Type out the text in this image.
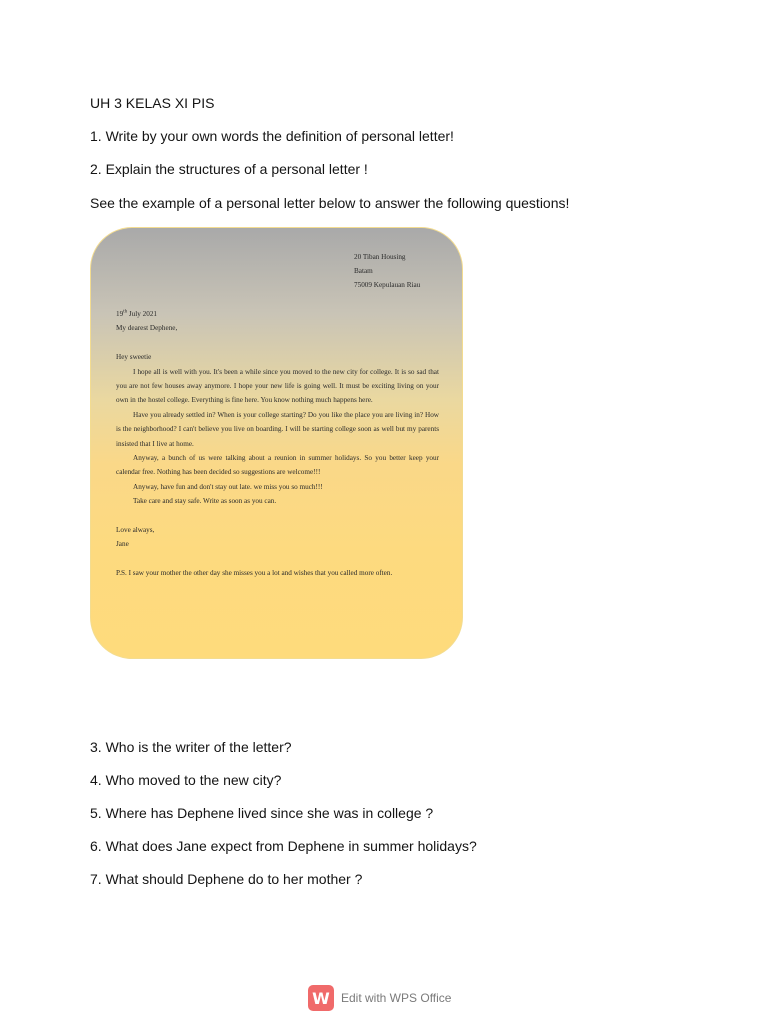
UH 3 KELAS XI PIS
1. Write by your own words the definition of personal letter!
2. Explain the structures of a personal letter !
See the example of a personal letter below to answer the following questions!
20 Tiban Housing
Batam
75009 Kepulauan Riau
19th July 2021
My dearest Dephene,
Hey sweetie
I hope all is well with you. It's been a while since you moved to the new city for college. It is so sad that you are not few houses away anymore. I hope your new life is going well. It must be exciting living on your own in the hostel college. Everything is fine here. You know nothing much happens here.
Have you already settled in? When is your college starting? Do you like the place you are living in? How is the neighborhood? I can't believe you live on boarding. I will be starting college soon as well but my parents insisted that I live at home.
Anyway, a bunch of us were talking about a reunion in summer holidays. So you better keep your calendar free. Nothing has been decided so suggestions are welcome!!!
Anyway, have fun and don't stay out late. we miss you so much!!!
Take care and stay safe. Write as soon as you can.
Love always,
Jane
P.S. I saw your mother the other day she misses you a lot and wishes that you called more often.
3. Who is the writer of the letter?
4. Who moved to the new city?
5. Where has Dephene lived since she was in college ?
6. What does Jane expect from Dephene in summer holidays?
7. What should Dephene do to her mother ?
W Edit with WPS Office
